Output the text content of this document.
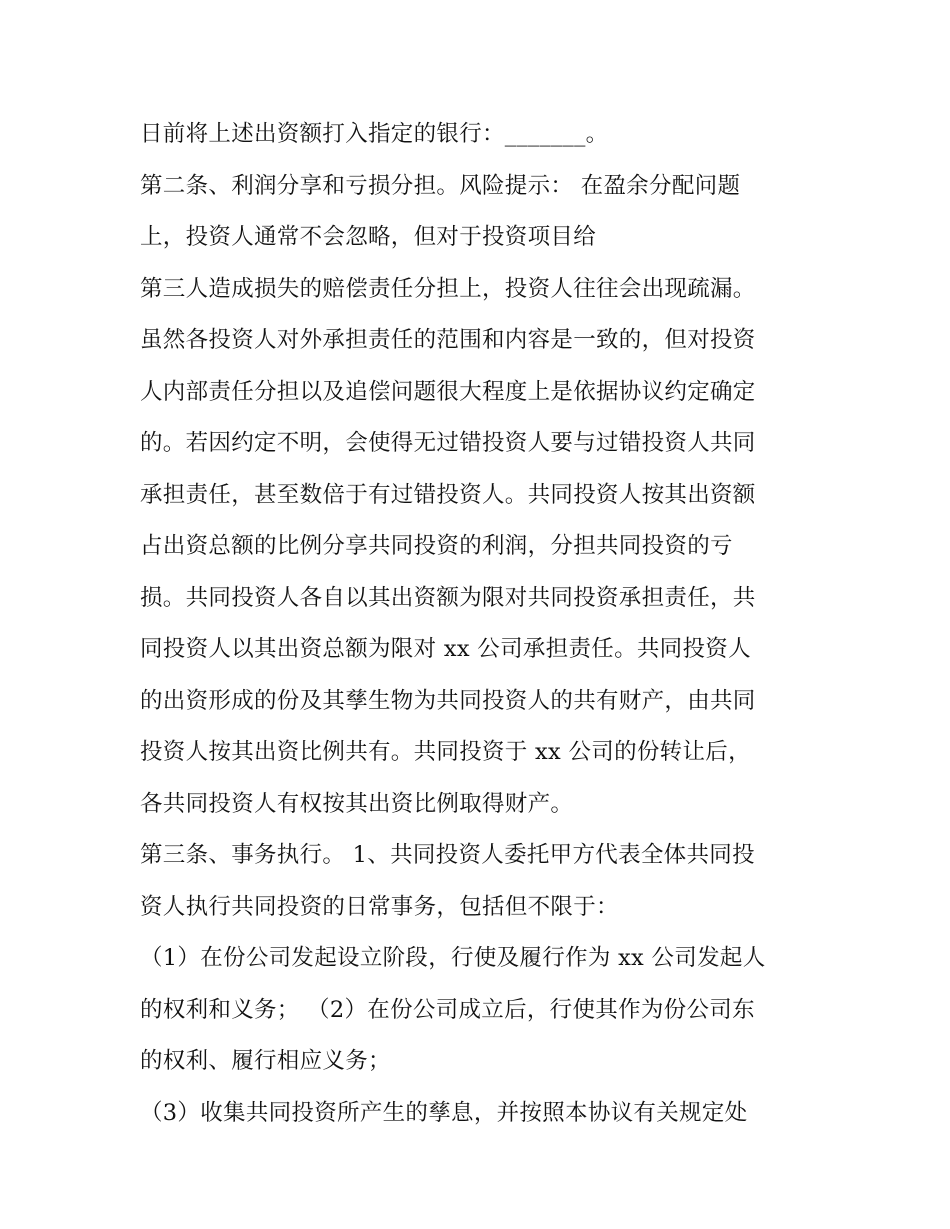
日前将上述出资额打入指定的银行：_______。

第二条、利润分享和亏损分担。风险提示： 在盈余分配问题

上，投资人通常不会忽略，但对于投资项目给

第三人造成损失的赔偿责任分担上，投资人往往会出现疏漏。

虽然各投资人对外承担责任的范围和内容是一致的，但对投资

人内部责任分担以及追偿问题很大程度上是依据协议约定确定

的。若因约定不明，会使得无过错投资人要与过错投资人共同

承担责任，甚至数倍于有过错投资人。共同投资人按其出资额

占出资总额的比例分享共同投资的利润，分担共同投资的亏

损。共同投资人各自以其出资额为限对共同投资承担责任，共

同投资人以其出资总额为限对 xx 公司承担责任。共同投资人

的出资形成的份及其孳生物为共同投资人的共有财产，由共同

投资人按其出资比例共有。共同投资于 xx 公司的份转让后，

各共同投资人有权按其出资比例取得财产。

第三条、事务执行。 1、共同投资人委托甲方代表全体共同投

资人执行共同投资的日常事务，包括但不限于：

（1）在份公司发起设立阶段，行使及履行作为 xx 公司发起人

的权利和义务； （2）在份公司成立后，行使其作为份公司东

的权利、履行相应义务；

（3）收集共同投资所产生的孳息，并按照本协议有关规定处
